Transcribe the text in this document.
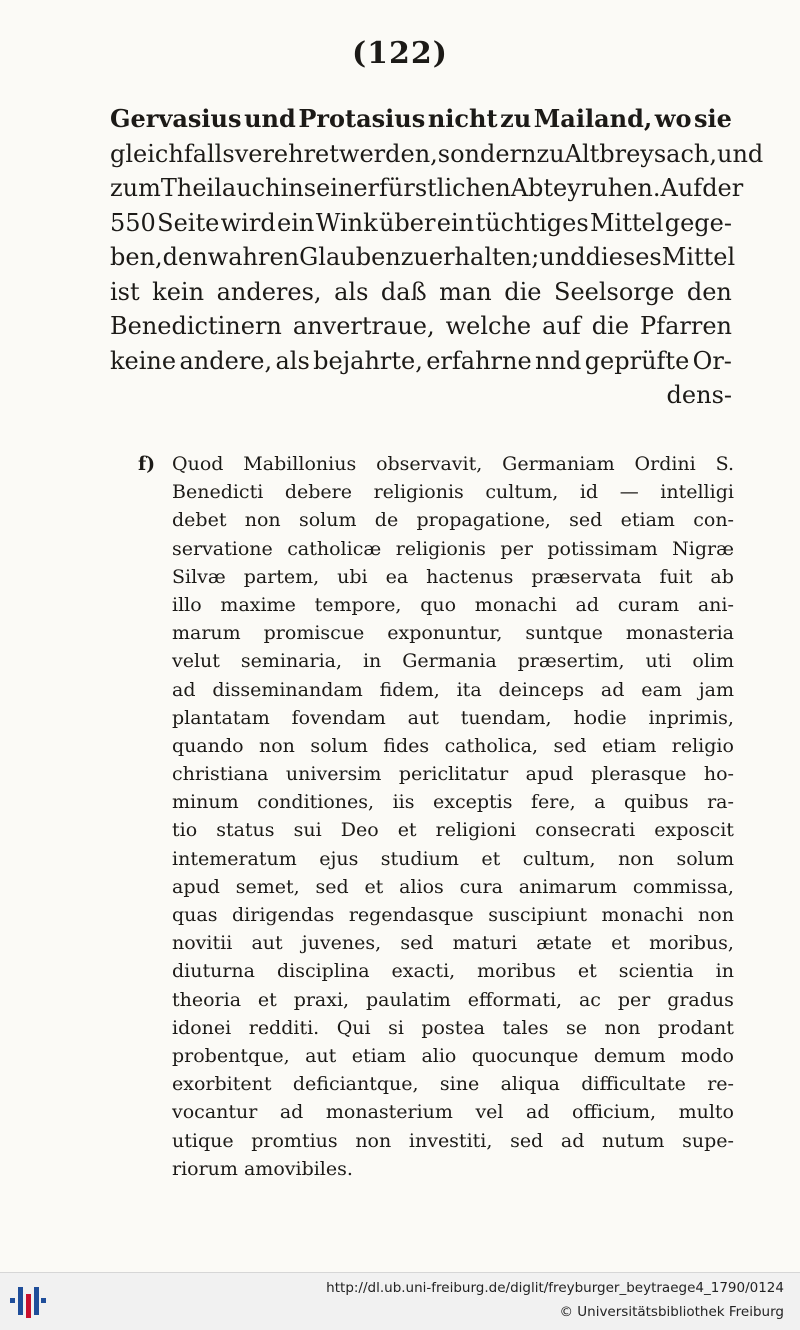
(122)
Gervasius und Protasius nicht zu Mailand, wo sie
gleichfalls verehret werden, sondern zu Altbreysach, und
zum Theil auch in seiner fürstlichen Abtey ruhen. Auf der
550 Seite wird ein Wink über ein tüchtiges Mittel gege-
ben, denwahren Glauben zu erhalten; und dieses Mittel
ist kein anderes, als daß man die Seelsorge den
Benedictinern anvertraue, welche auf die Pfarren
keine andere, als bejahrte, erfahrne nnd geprüfte Or-
dens-
f) Quod Mabillonius observavit, Germaniam Ordini S.
Benedicti debere religionis cultum, id — intelligi
debet non solum de propagatione, sed etiam con-
servatione catholicæ religionis per potissimam Nigræ
Silvæ partem, ubi ea hactenus præservata fuit ab
illo maxime tempore, quo monachi ad curam ani-
marum promiscue exponuntur, suntque monasteria
velut seminaria, in Germania præsertim, uti olim
ad disseminandam fidem, ita deinceps ad eam jam
plantatam fovendam aut tuendam, hodie inprimis,
quando non solum fides catholica, sed etiam religio
christiana universim periclitatur apud plerasque ho-
minum conditiones, iis exceptis fere, a quibus ra-
tio status sui Deo et religioni consecrati exposcit
intemeratum ejus studium et cultum, non solum
apud semet, sed et alios cura animarum commissa,
quas dirigendas regendasque suscipiunt monachi non
novitii aut juvenes, sed maturi ætate et moribus,
diuturna disciplina exacti, moribus et scientia in
theoria et praxi, paulatim efformati, ac per gradus
idonei redditi. Qui si postea tales se non prodant
probentque, aut etiam alio quocunque demum modo
exorbitent deficiantque, sine aliqua difficultate re-
vocantur ad monasterium vel ad officium, multo
utique promtius non investiti, sed ad nutum supe-
riorum amovibiles.
http://dl.ub.uni-freiburg.de/diglit/freyburger_beytraege4_1790/0124
© Universitätsbibliothek Freiburg
